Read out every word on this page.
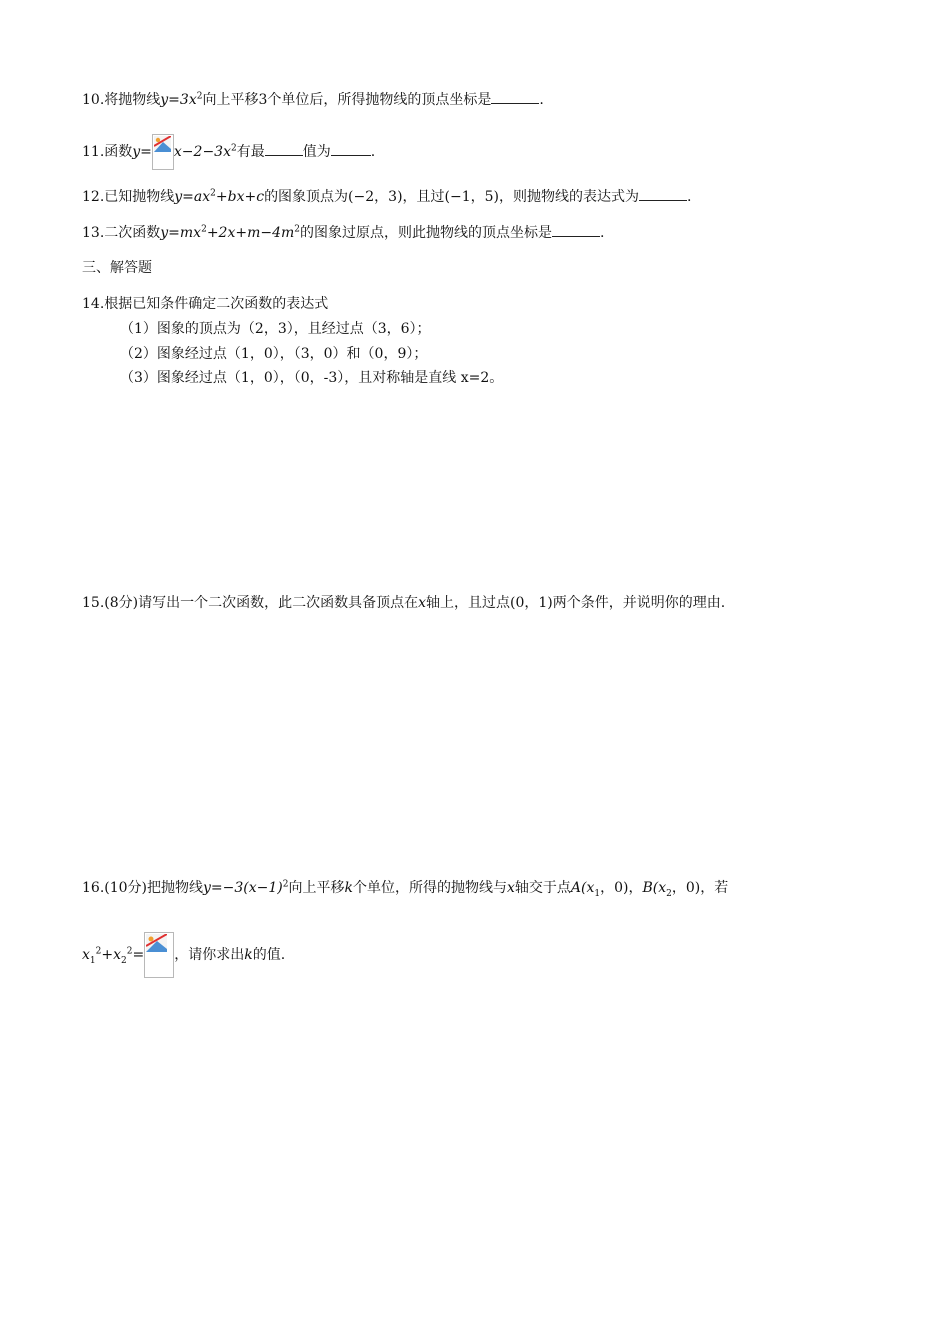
10.将抛物线$y=3x^2$向上平移3个单位后，所得抛物线的顶点坐标是	.
11.函数$y= x-2-3x^2$有最	值为	.
12.已知抛物线$y=ax^2+bx+c$的图象顶点为(−2，3)，且过(−1，5)，则抛物线的表达式为	.
13.二次函数$y=mx^2+2x+m-4m^2$的图象过原点，则此抛物线的顶点坐标是	.
三、解答题
14.根据已知条件确定二次函数的表达式
（1）图象的顶点为（2，3），且经过点（3，6）；
（2）图象经过点（1，0），（3，0）和（0，9）；
（3）图象经过点（1，0），（0，-3），且对称轴是直线 x=2。
15.(8分)请写出一个二次函数，此二次函数具备顶点在x轴上，且过点(0，1)两个条件，并说明你的理由.
16.(10分)把抛物线$y=-3(x-1)^2$向上平移k个单位，所得的抛物线与x轴交于点$A(x_1$，0)，$B(x_2$，0)，若
$x_1^2+x_2^2=$ ，请你求出k的值.
